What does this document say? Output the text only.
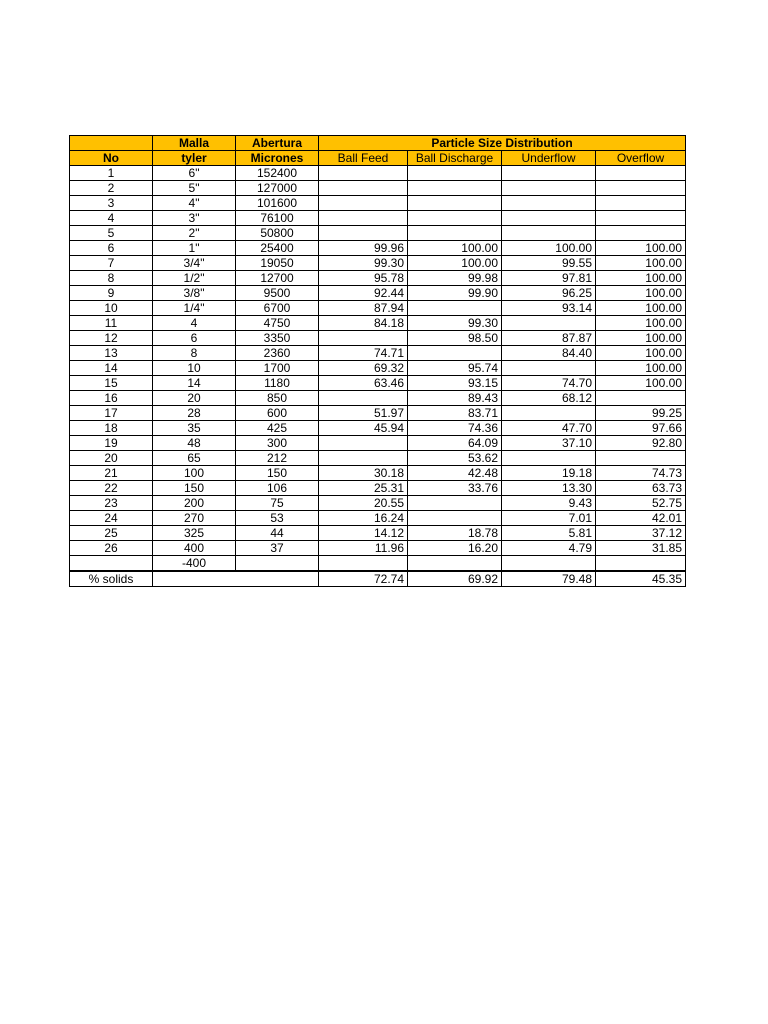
	Malla	Abertura	Particle Size Distribution			
No	tyler	Micrones	Ball Feed	Ball Discharge	Underflow	Overflow
1	6"	152400				
2	5"	127000				
3	4"	101600				
4	3"	76100				
5	2"	50800				
6	1"	25400	99.96	100.00	100.00	100.00
7	3/4"	19050	99.30	100.00	99.55	100.00
8	1/2"	12700	95.78	99.98	97.81	100.00
9	3/8"	9500	92.44	99.90	96.25	100.00
10	1/4"	6700	87.94		93.14	100.00
11	4	4750	84.18	99.30		100.00
12	6	3350		98.50	87.87	100.00
13	8	2360	74.71		84.40	100.00
14	10	1700	69.32	95.74		100.00
15	14	1180	63.46	93.15	74.70	100.00
16	20	850		89.43	68.12	
17	28	600	51.97	83.71		99.25
18	35	425	45.94	74.36	47.70	97.66
19	48	300		64.09	37.10	92.80
20	65	212		53.62		
21	100	150	30.18	42.48	19.18	74.73
22	150	106	25.31	33.76	13.30	63.73
23	200	75	20.55		9.43	52.75
24	270	53	16.24		7.01	42.01
25	325	44	14.12	18.78	5.81	37.12
26	400	37	11.96	16.20	4.79	31.85
	-400					
% solids			72.74	69.92	79.48	45.35
